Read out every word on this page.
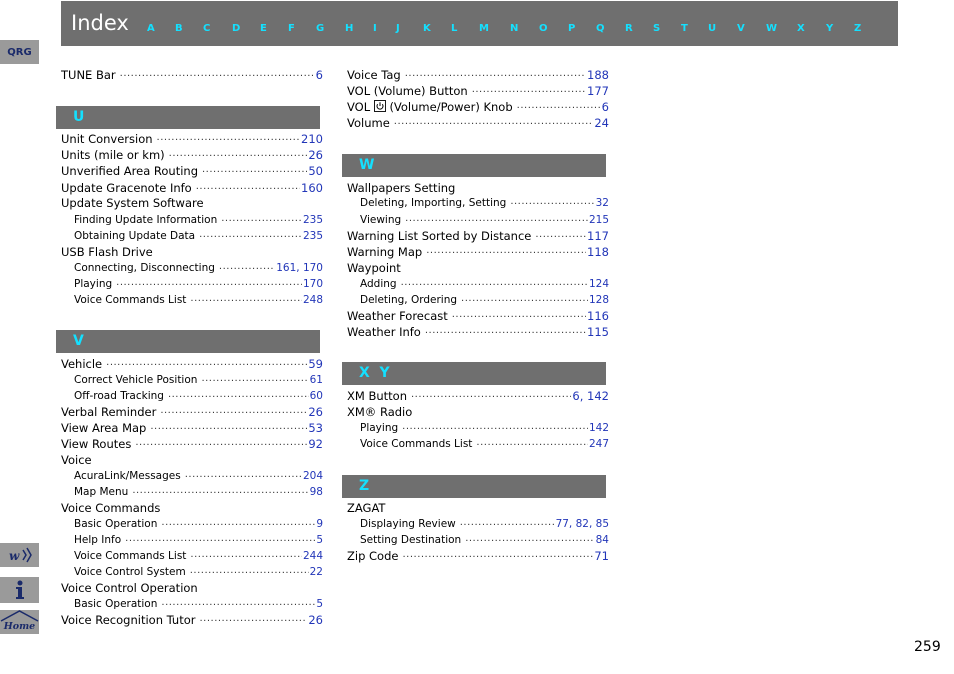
Index A B C D E F G H I J K L M N O P Q R S T U V W X Y Z
QRG
w
Home
TUNE Bar .....	6
U
Unit Conversion .....	210
Units (mile or km) .....	26
Unverified Area Routing .....	50
Update Gracenote Info .....	160
Update System Software
Finding Update Information .....	235
Obtaining Update Data .....	235
USB Flash Drive
Connecting, Disconnecting .....	161, 170
Playing .....	170
Voice Commands List .....	248
V
Vehicle .....	59
Correct Vehicle Position .....	61
Off-road Tracking .....	60
Verbal Reminder .....	26
View Area Map .....	53
View Routes .....	92
Voice
AcuraLink/Messages .....	204
Map Menu .....	98
Voice Commands
Basic Operation .....	9
Help Info .....	5
Voice Commands List .....	244
Voice Control System .....	22
Voice Control Operation
Basic Operation .....	5
Voice Recognition Tutor .....	26
Voice Tag .....	188
VOL (Volume) Button .....	177
VOL (Volume/Power) Knob .....	6
Volume .....	24
W
Wallpapers Setting
Deleting, Importing, Setting .....	32
Viewing .....	215
Warning List Sorted by Distance .....	117
Warning Map .....	118
Waypoint
Adding .....	124
Deleting, Ordering .....	128
Weather Forecast .....	116
Weather Info .....	115
X  Y
XM Button .....	6, 142
XM® Radio
Playing .....	142
Voice Commands List .....	247
Z
ZAGAT
Displaying Review .....	77, 82, 85
Setting Destination .....	84
Zip Code .....	71
259
